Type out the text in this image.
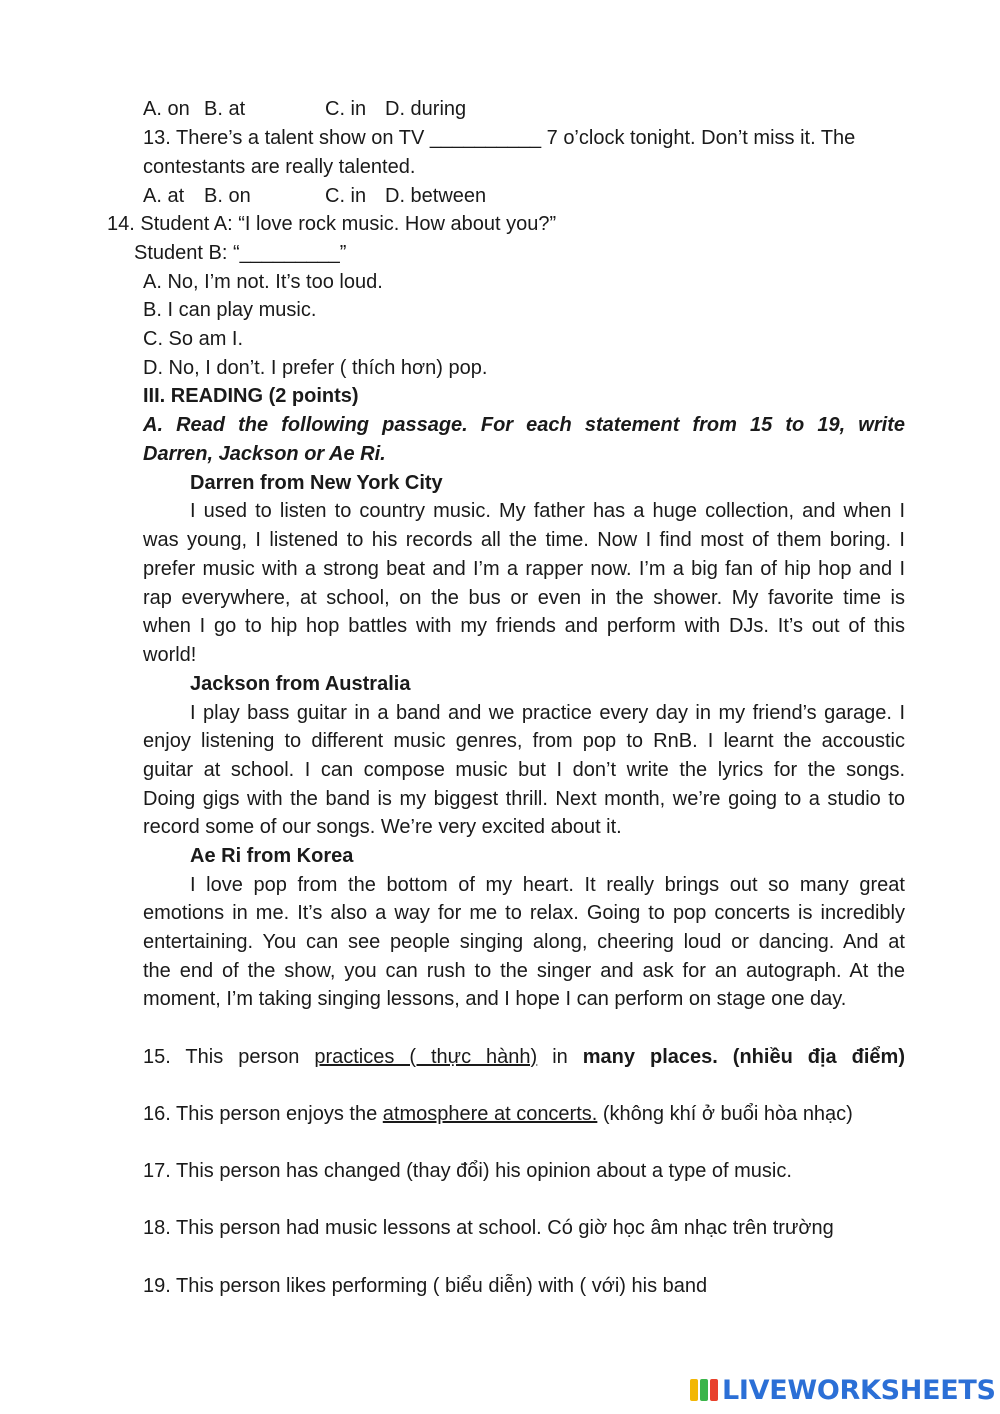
A. on B. at	C. in D. during
13. There’s a talent show on TV __________ 7 o’clock tonight. Don’t miss it. The
contestants are really talented.
A. at B. on	C. in D. between
14. Student A: “I love rock music. How about you?”
Student B: “_________”
A. No, I’m not. It’s too loud.
B. I can play music.
C. So am I.
D. No, I don’t. I prefer ( thích hơn) pop.
III. READING (2 points)
A. Read the following passage. For each statement from 15 to 19, write
Darren, Jackson or Ae Ri.
Darren from New York City
I used to listen to country music. My father has a huge collection, and when I
was young, I listened to his records all the time. Now I find most of them boring. I
prefer music with a strong beat and I’m a rapper now. I’m a big fan of hip hop and I
rap everywhere, at school, on the bus or even in the shower. My favorite time is
when I go to hip hop battles with my friends and perform with DJs. It’s out of this
world!
Jackson from Australia
I play bass guitar in a band and we practice every day in my friend’s garage. I
enjoy listening to different music genres, from pop to RnB. I learnt the accoustic
guitar at school. I can compose music but I don’t write the lyrics for the songs.
Doing gigs with the band is my biggest thrill. Next month, we’re going to a studio to
record some of our songs. We’re very excited about it.
Ae Ri from Korea
I love pop from the bottom of my heart. It really brings out so many great
emotions in me. It’s also a way for me to relax. Going to pop concerts is incredibly
entertaining. You can see people singing along, cheering loud or dancing. And at
the end of the show, you can rush to the singer and ask for an autograph. At the
moment, I’m taking singing lessons, and I hope I can perform on stage one day.
15. This person practices ( thực hành) in many places. (nhiều địa điểm)
16. This person enjoys the atmosphere at concerts. (không khí ở buổi hòa nhạc)
17. This person has changed (thay đổi) his opinion about a type of music.
18. This person had music lessons at school. Có giờ học âm nhạc trên trường
19. This person likes performing ( biểu diễn) with ( với) his band
LIVEWORKSHEETS
